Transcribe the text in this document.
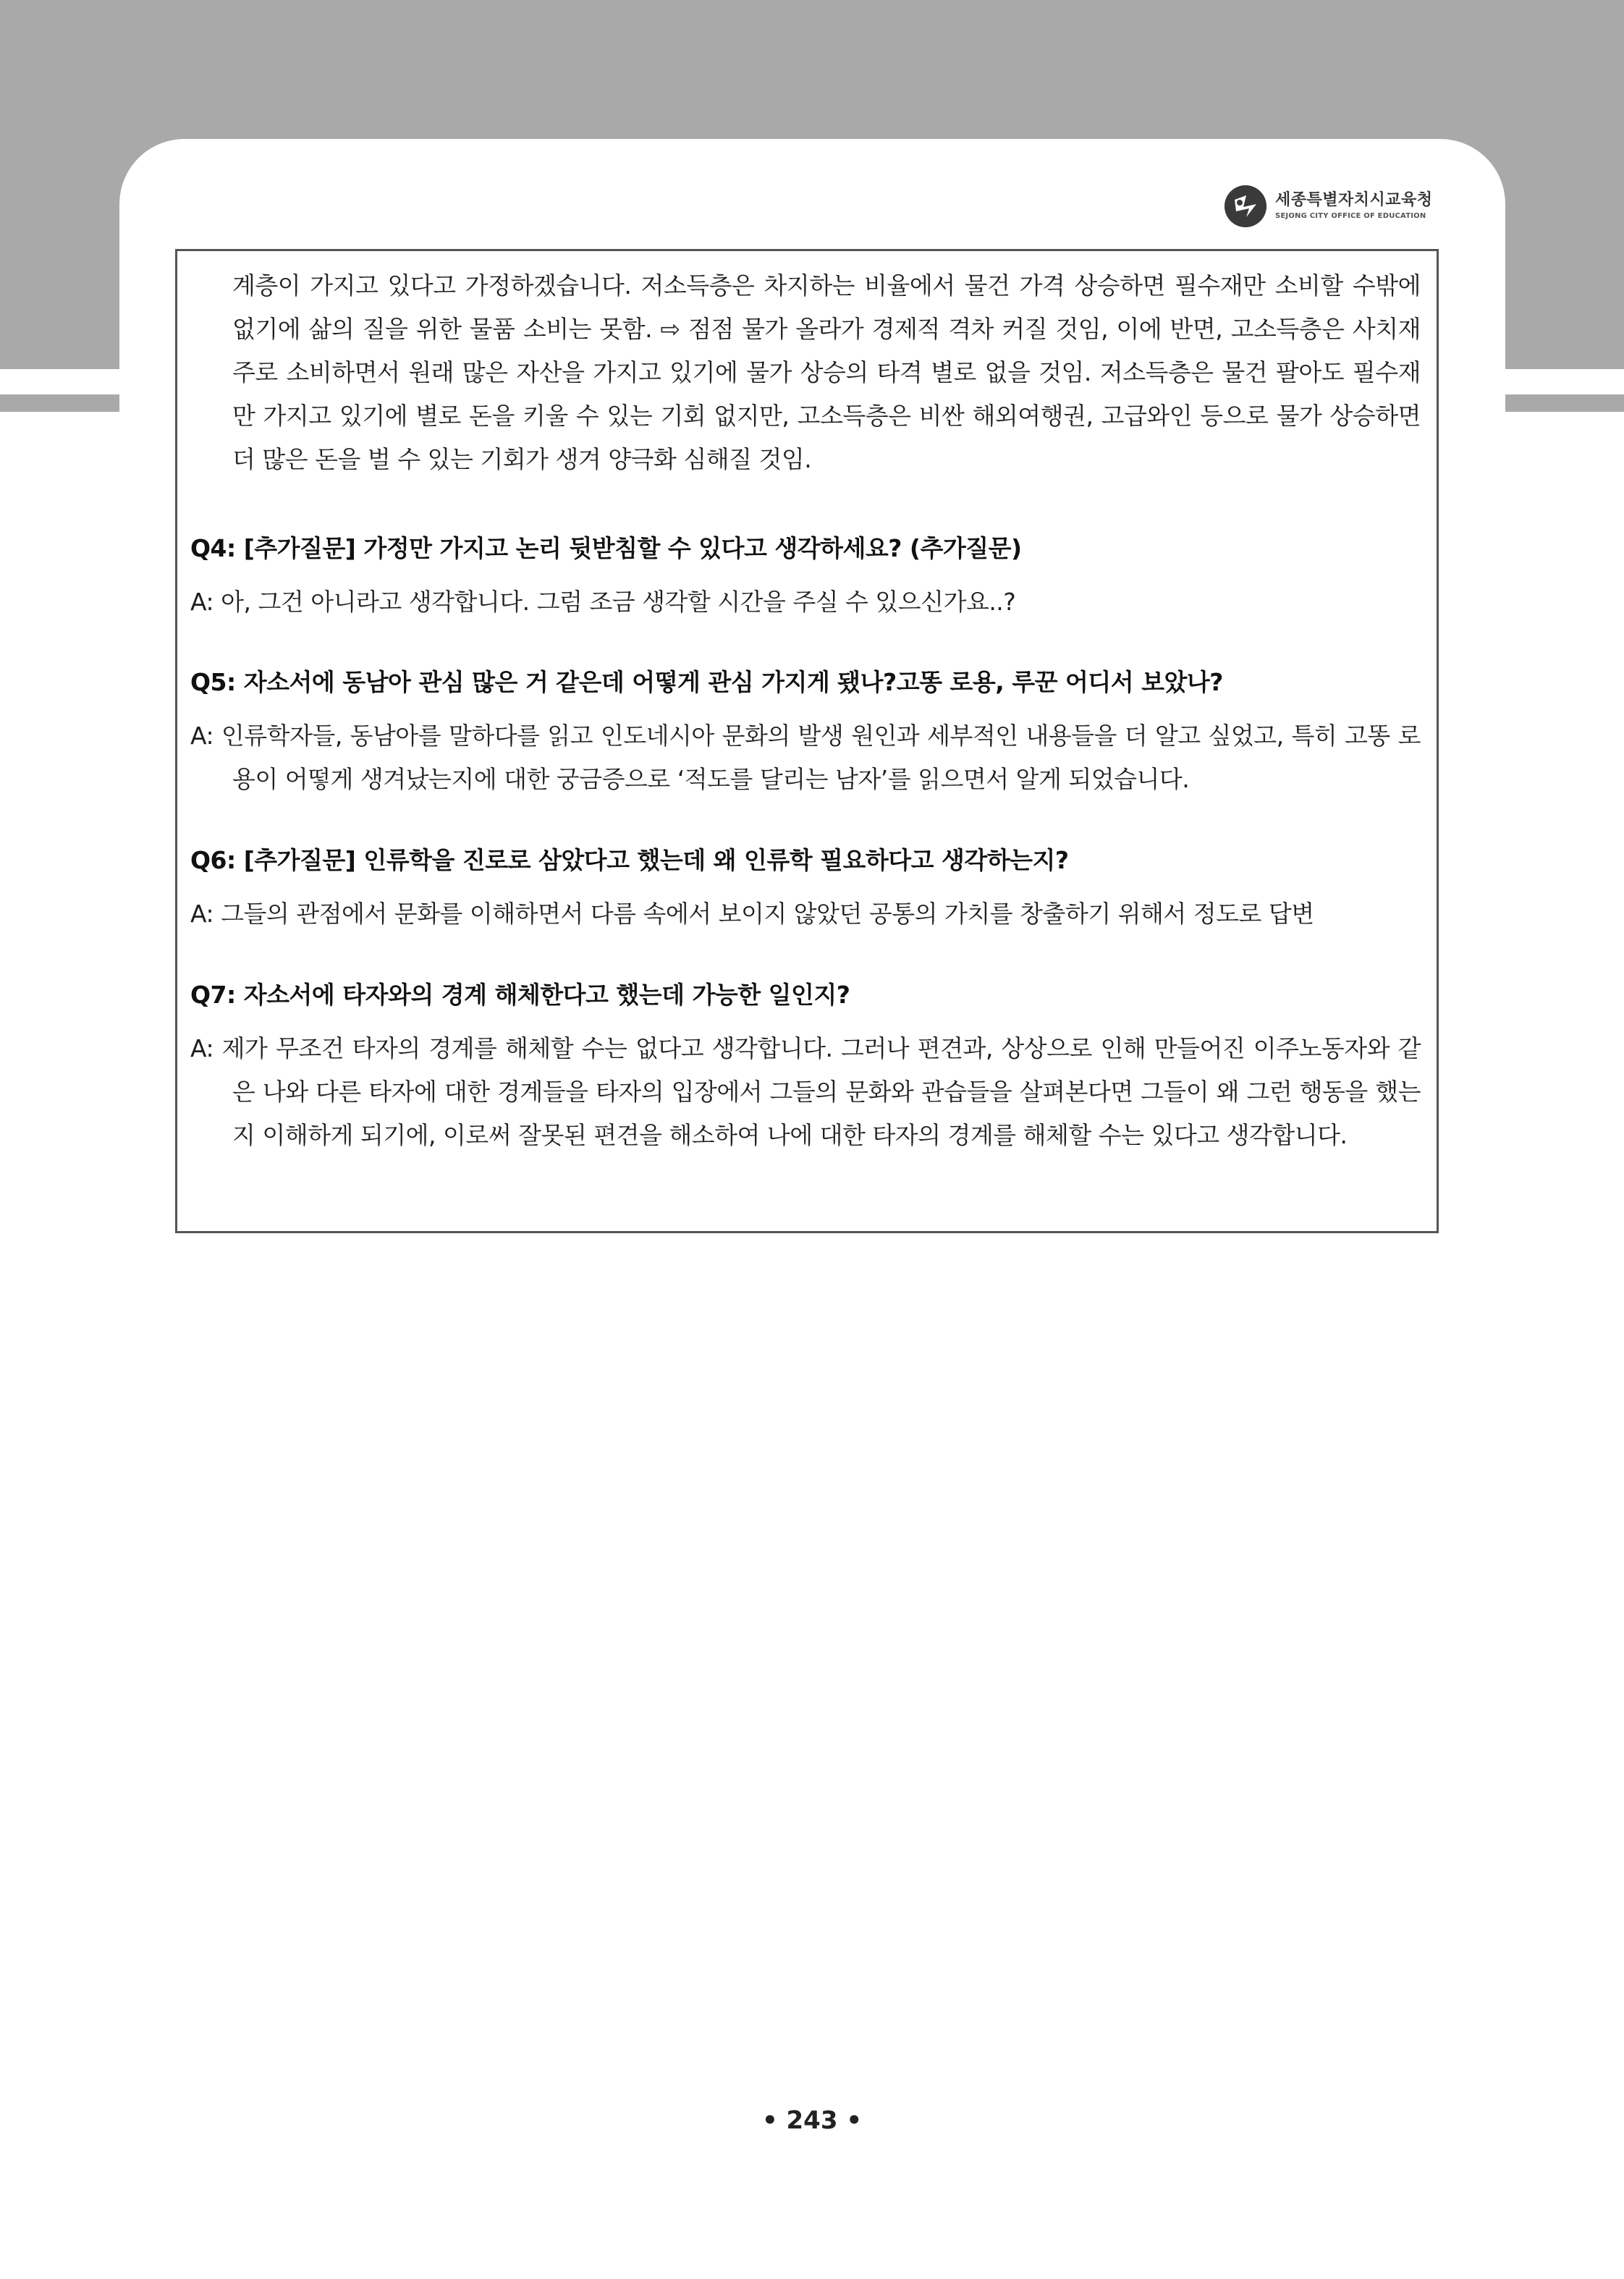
세종특별자치시교육청
SEJONG CITY OFFICE OF EDUCATION
계층이 가지고 있다고 가정하겠습니다. 저소득층은 차지하는 비율에서 물건 가격 상승하면 필수재만 소비할 수밖에 없기에 삶의 질을 위한 물품 소비는 못함. ⇨ 점점 물가 올라가 경제적 격차 커질 것임, 이에 반면, 고소득층은 사치재 주로 소비하면서 원래 많은 자산을 가지고 있기에 물가 상승의 타격 별로 없을 것임. 저소득층은 물건 팔아도 필수재만 가지고 있기에 별로 돈을 키울 수 있는 기회 없지만, 고소득층은 비싼 해외여행권, 고급와인 등으로 물가 상승하면 더 많은 돈을 벌 수 있는 기회가 생겨 양극화 심해질 것임.
Q4: [추가질문] 가정만 가지고 논리 뒷받침할 수 있다고 생각하세요? (추가질문)
A: 아, 그건 아니라고 생각합니다. 그럼 조금 생각할 시간을 주실 수 있으신가요..?
Q5: 자소서에 동남아 관심 많은 거 같은데 어떻게 관심 가지게 됐나?고똥 로용, 루꾼 어디서 보았나?
A: 인류학자들, 동남아를 말하다를 읽고 인도네시아 문화의 발생 원인과 세부적인 내용들을 더 알고 싶었고, 특히 고똥 로용이 어떻게 생겨났는지에 대한 궁금증으로 ‘적도를 달리는 남자’를 읽으면서 알게 되었습니다.
Q6: [추가질문] 인류학을 진로로 삼았다고 했는데 왜 인류학 필요하다고 생각하는지?
A: 그들의 관점에서 문화를 이해하면서 다름 속에서 보이지 않았던 공통의 가치를 창출하기 위해서 정도로 답변
Q7: 자소서에 타자와의 경계 해체한다고 했는데 가능한 일인지?
A: 제가 무조건 타자의 경계를 해체할 수는 없다고 생각합니다. 그러나 편견과, 상상으로 인해 만들어진 이주노동자와 같은 나와 다른 타자에 대한 경계들을 타자의 입장에서 그들의 문화와 관습들을 살펴본다면 그들이 왜 그런 행동을 했는지 이해하게 되기에, 이로써 잘못된 편견을 해소하여 나에 대한 타자의 경계를 해체할 수는 있다고 생각합니다.
• 243 •
